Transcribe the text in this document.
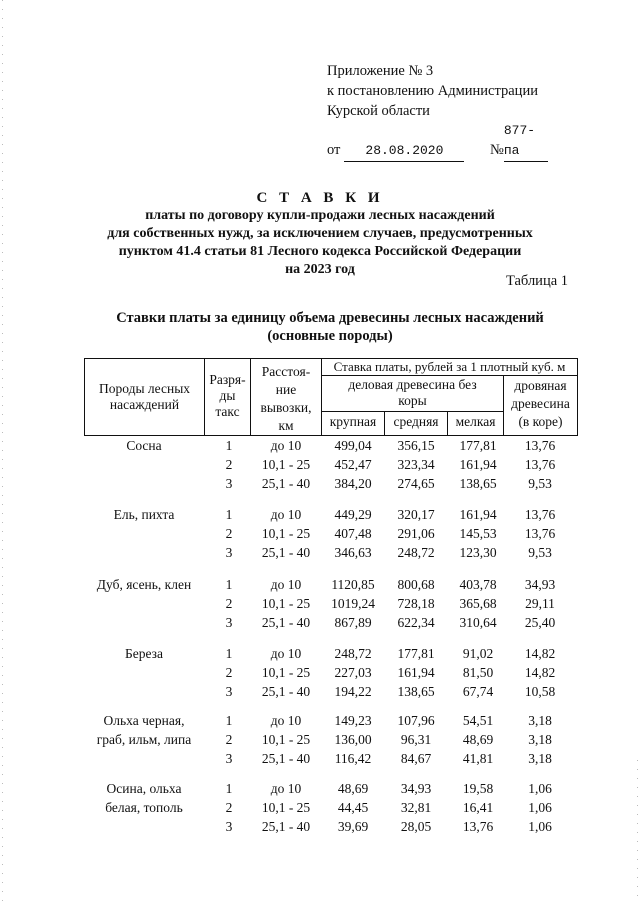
Приложение № 3
к постановлению Администрации
Курской области
от 28.08.2020	№877-па
С Т А В К И
платы по договору купли-продажи лесных насаждений
для собственных нужд, за исключением случаев, предусмотренных
пунктом 41.4 статьи 81 Лесного кодекса Российской Федерации
на 2023 год
Таблица 1
Ставки платы за единицу объема древесины лесных насаждений
(основные породы)
Породы лесных
насаждений
Разря-
ды
такс
Расстоя-
ние
вывозки,
км
Ставка платы, рублей за 1 плотный куб. м
деловая древесина без
коры
крупная	средняя	мелкая
дровяная
древесина
(в коре)
Сосна	1	до 10	499,04	356,15	177,81	13,76
2	10,1 - 25	452,47	323,34	161,94	13,76
3	25,1 - 40	384,20	274,65	138,65	9,53
Ель, пихта	1	до 10	449,29	320,17	161,94	13,76
2	10,1 - 25	407,48	291,06	145,53	13,76
3	25,1 - 40	346,63	248,72	123,30	9,53
Дуб, ясень, клен	1	до 10	1120,85	800,68	403,78	34,93
2	10,1 - 25	1019,24	728,18	365,68	29,11
3	25,1 - 40	867,89	622,34	310,64	25,40
Береза	1	до 10	248,72	177,81	91,02	14,82
2	10,1 - 25	227,03	161,94	81,50	14,82
3	25,1 - 40	194,22	138,65	67,74	10,58
Ольха черная,
граб, ильм, липа
1	до 10	149,23	107,96	54,51	3,18
2	10,1 - 25	136,00	96,31	48,69	3,18
3	25,1 - 40	116,42	84,67	41,81	3,18
Осина, ольха
белая, тополь
1	до 10	48,69	34,93	19,58	1,06
2	10,1 - 25	44,45	32,81	16,41	1,06
3	25,1 - 40	39,69	28,05	13,76	1,06
